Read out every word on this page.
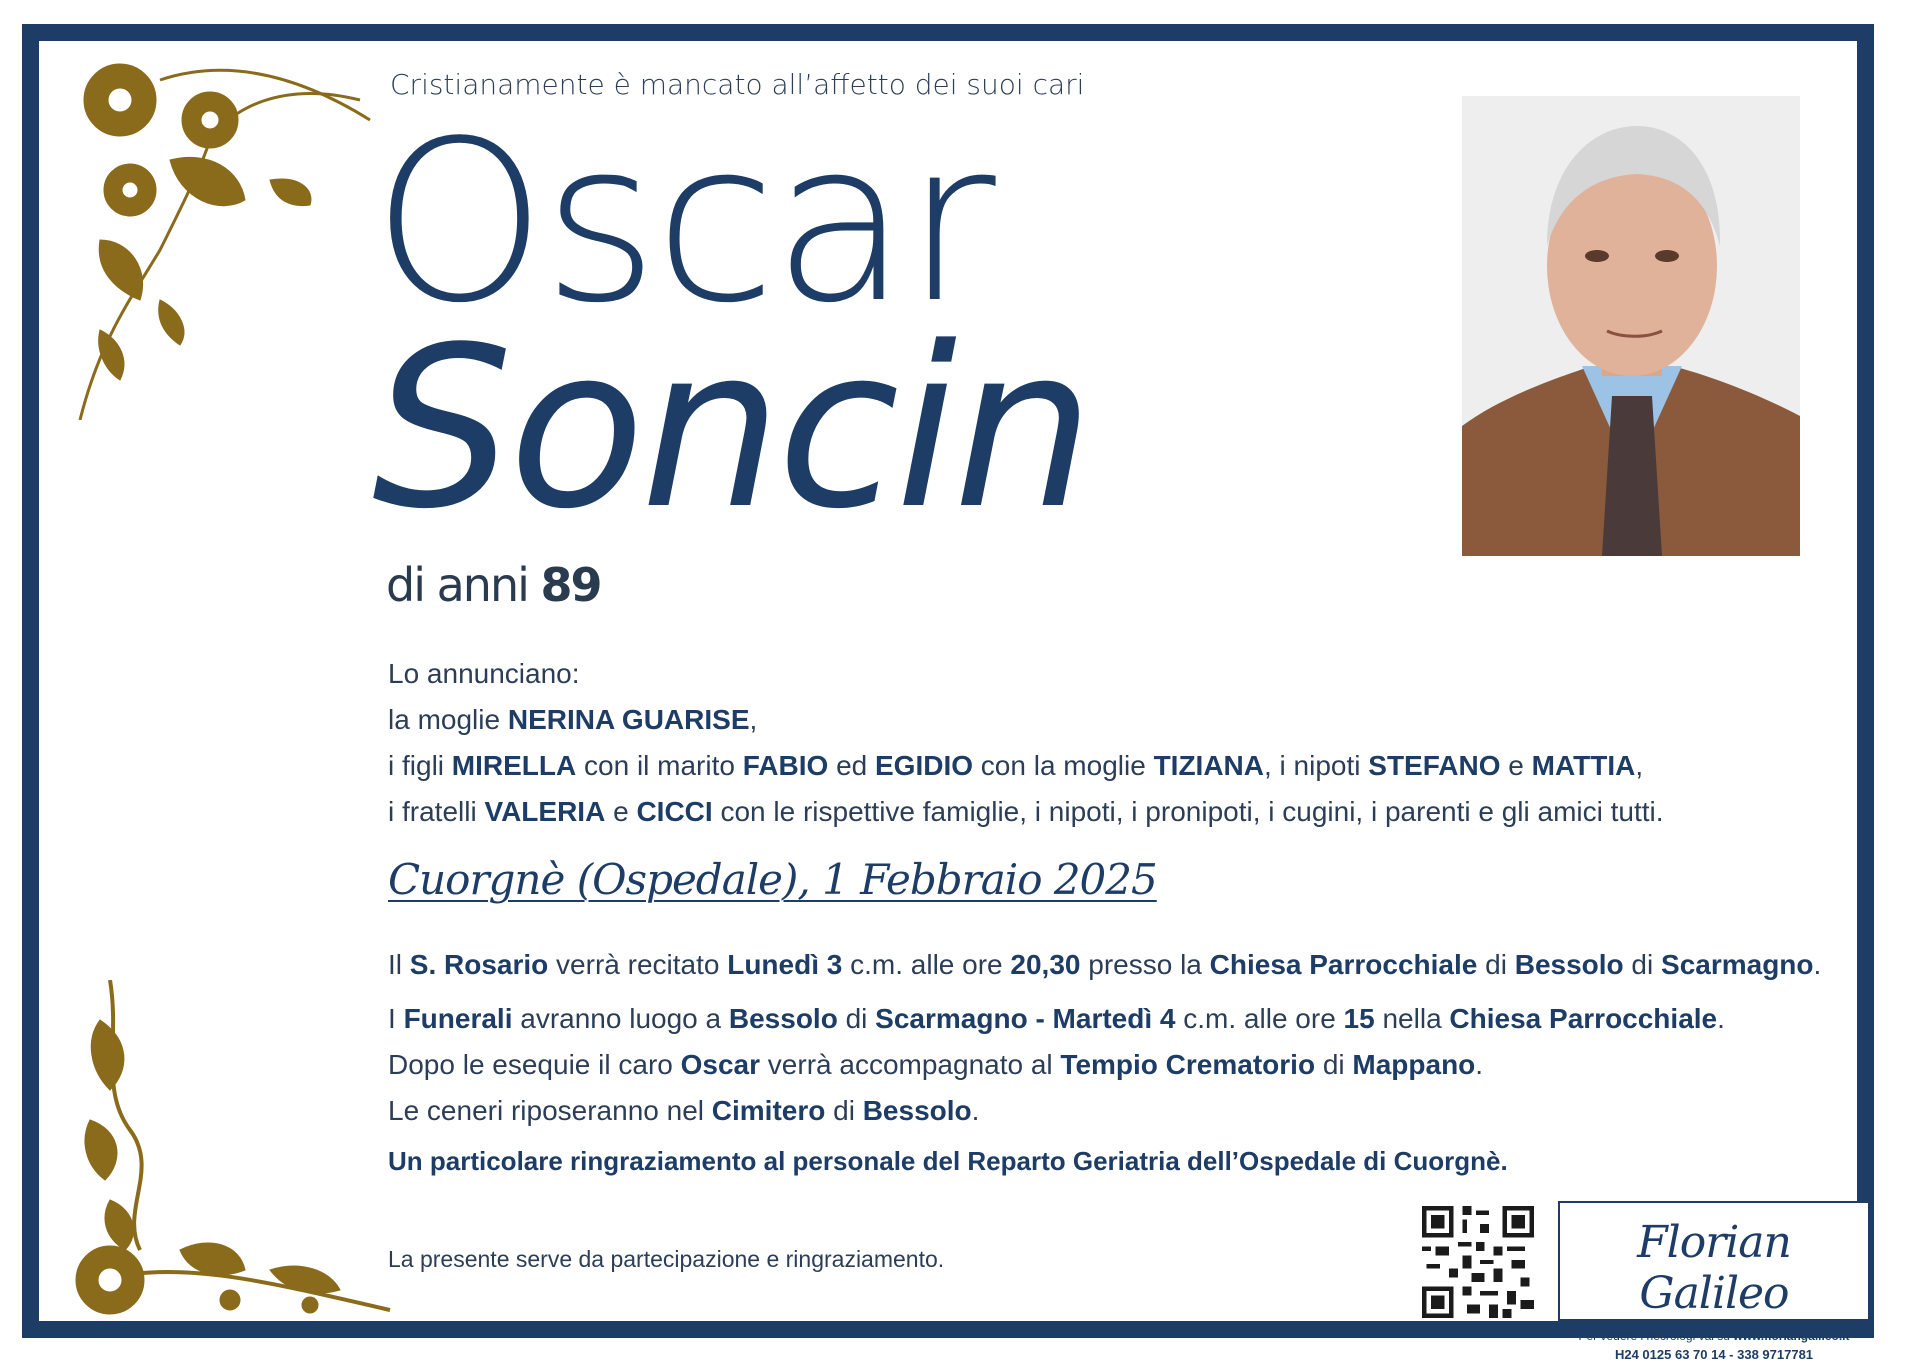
Cristianamente è mancato all’affetto dei suoi cari
Oscar
Soncin
di anni 89

Lo annunciano:

la moglie NERINA GUARISE,

i figli MIRELLA con il marito FABIO ed EGIDIO con la moglie TIZIANA, i nipoti STEFANO e MATTIA,

i fratelli VALERIA e CICCI con le rispettive famiglie, i nipoti, i pronipoti, i cugini, i parenti e gli amici tutti.

Cuorgnè (Ospedale), 1 Febbraio 2025

Il S. Rosario verrà recitato Lunedì 3 c.m. alle ore 20,30 presso la Chiesa Parrocchiale di Bessolo di Scarmagno.

I Funerali avranno luogo a Bessolo di Scarmagno - Martedì 4 c.m. alle ore 15 nella Chiesa Parrocchiale.

Dopo le esequie il caro Oscar verrà accompagnato al Tempio Crematorio di Mappano.

Le ceneri riposeranno nel Cimitero di Bessolo.

Un particolare ringraziamento al personale del Reparto Geriatria dell’Ospedale di Cuorgnè.
La presente serve da partecipazione e ringraziamento.	Florian Galileo
Per vedere i necrologi vai su www.floriangalileo.it
H24 0125 63 70 14 - 338 9717781
